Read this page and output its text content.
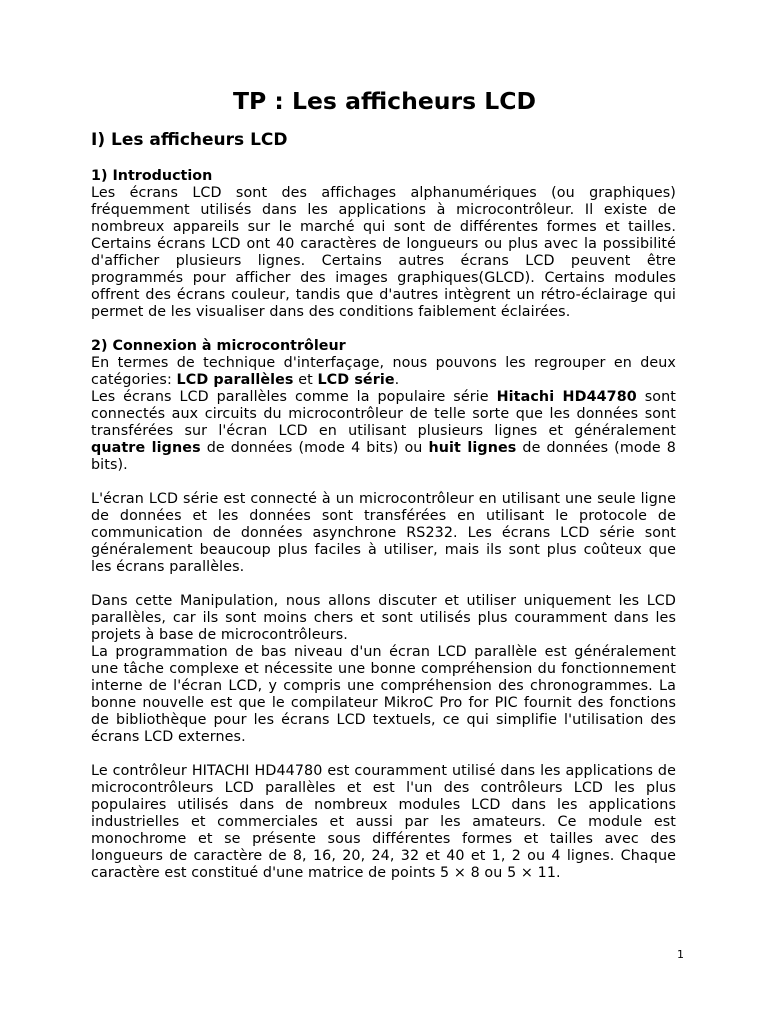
TP : Les afficheurs LCD
I) Les afficheurs LCD
1) Introduction

Les écrans LCD sont des affichages alphanumériques (ou graphiques) fréquemment utilisés dans les applications à microcontrôleur. Il existe de nombreux appareils sur le marché qui sont de différentes formes et tailles. Certains écrans LCD ont 40 caractères de longueurs ou plus avec la possibilité d'afficher plusieurs lignes. Certains autres écrans LCD peuvent être programmés pour afficher des images graphiques(GLCD). Certains modules offrent des écrans couleur, tandis que d'autres intègrent un rétro-éclairage qui permet de les visualiser dans des conditions faiblement éclairées.

2) Connexion à microcontrôleur

En termes de technique d'interfaçage, nous pouvons les regrouper en deux catégories: LCD parallèles et LCD série.

Les écrans LCD parallèles comme la populaire série Hitachi HD44780 sont connectés aux circuits du microcontrôleur de telle sorte que les données sont transférées sur l'écran LCD en utilisant plusieurs lignes et généralement quatre lignes de données (mode 4 bits) ou huit lignes de données (mode 8 bits).

L'écran LCD série est connecté à un microcontrôleur en utilisant une seule ligne de données et les données sont transférées en utilisant le protocole de communication de données asynchrone RS232. Les écrans LCD série sont généralement beaucoup plus faciles à utiliser, mais ils sont plus coûteux que les écrans parallèles.

Dans cette Manipulation, nous allons discuter et utiliser uniquement les LCD parallèles, car ils sont moins chers et sont utilisés plus couramment dans les projets à base de microcontrôleurs.

La programmation de bas niveau d'un écran LCD parallèle est généralement une tâche complexe et nécessite une bonne compréhension du fonctionnement interne de l'écran LCD, y compris une compréhension des chronogrammes. La bonne nouvelle est que le compilateur MikroC Pro for PIC fournit des fonctions de bibliothèque pour les écrans LCD textuels, ce qui simplifie l'utilisation des écrans LCD externes.

Le contrôleur HITACHI HD44780 est couramment utilisé dans les applications de microcontrôleurs LCD parallèles et est l'un des contrôleurs LCD les plus populaires utilisés dans de nombreux modules LCD dans les applications industrielles et commerciales et aussi par les amateurs. Ce module est monochrome et se présente sous différentes formes et tailles avec des longueurs de caractère de 8, 16, 20, 24, 32 et 40 et 1, 2 ou 4 lignes. Chaque caractère est constitué d'une matrice de points 5 × 8 ou 5 × 11.

1
